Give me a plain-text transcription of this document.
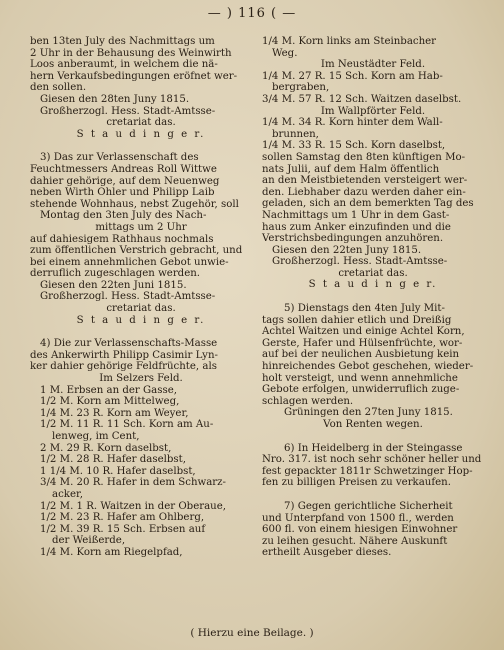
— ) 116 ( —

ben 13ten July des Nachmittags um

2 Uhr in der Behausung des Weinwirth

Loos anberaumt, in welchem die nä-

hern Verkaufsbedingungen eröfnet wer-

den sollen.

Giesen den 28ten Juny 1815.

Großherzogl. Hess. Stadt-Amtsse-

cretariat das.

S t a u d i n g e r.

3) Das zur Verlassenschaft des

Feuchtmessers Andreas Roll Wittwe

dahier gehörige, auf dem Neuenweg

neben Wirth Ohler und Philipp Laib

stehende Wohnhaus, nebst Zugehör, soll

Montag den 3ten July des Nach-

mittags um 2 Uhr

auf dahiesigem Rathhaus nochmals

zum öffentlichen Verstrich gebracht, und

bei einem annehmlichen Gebot unwie-

derruflich zugeschlagen werden.

Giesen den 22ten Juni 1815.

Großherzogl. Hess. Stadt-Amtsse-

cretariat das.

S t a u d i n g e r.

4) Die zur Verlassenschafts-Masse

des Ankerwirth Philipp Casimir Lyn-

ker dahier gehörige Feldfrüchte, als

Im Selzers Feld.

1 M. Erbsen an der Gasse,

1/2 M. Korn am Mittelweg,

1/4 M. 23 R. Korn am Weyer,

1/2 M. 11 R. 11 Sch. Korn am Au-

lenweg, im Cent,

2 M. 29 R. Korn daselbst,

1/2 M. 28 R. Hafer daselbst,

1 1/4 M. 10 R. Hafer daselbst,

3/4 M. 20 R. Hafer in dem Schwarz-

acker,

1/2 M. 1 R. Waitzen in der Oberaue,

1/2 M. 23 R. Hafer am Ohlberg,

1/2 M. 39 R. 15 Sch. Erbsen auf

der Weißerde,

1/4 M. Korn am Riegelpfad,

1/4 M. Korn links am Steinbacher

Weg.

Im Neustädter Feld.

1/4 M. 27 R. 15 Sch. Korn am Hab-

bergraben,

3/4 M. 57 R. 12 Sch. Waitzen daselbst.

Im Wallpförter Feld.

1/4 M. 34 R. Korn hinter dem Wall-

brunnen,

1/4 M. 33 R. 15 Sch. Korn daselbst,

sollen Samstag den 8ten künftigen Mo-

nats Julii, auf dem Halm öffentlich

an den Meistbietenden versteigert wer-

den. Liebhaber dazu werden daher ein-

geladen, sich an dem bemerkten Tag des

Nachmittags um 1 Uhr in dem Gast-

haus zum Anker einzufinden und die

Verstrichsbedingungen anzuhören.

Giesen den 22ten Juny 1815.

Großherzogl. Hess. Stadt-Amtsse-

cretariat das.

S t a u d i n g e r.

5) Dienstags den 4ten July Mit-

tags sollen dahier etlich und Dreißig

Achtel Waitzen und einige Achtel Korn,

Gerste, Hafer und Hülsenfrüchte, wor-

auf bei der neulichen Ausbietung kein

hinreichendes Gebot geschehen, wieder-

holt versteigt, und wenn annehmliche

Gebote erfolgen, unwiderruflich zuge-

schlagen werden.

Grüningen den 27ten Juny 1815.

Von Renten wegen.

6) In Heidelberg in der Steingasse

Nro. 317. ist noch sehr schöner heller und

fest gepackter 1811r Schwetzinger Hop-

fen zu billigen Preisen zu verkaufen.

7) Gegen gerichtliche Sicherheit

und Unterpfand von 1500 fl., werden

600 fl. von einem hiesigen Einwohner

zu leihen gesucht. Nähere Auskunft

ertheilt Ausgeber dieses.

( Hierzu eine Beilage. )
